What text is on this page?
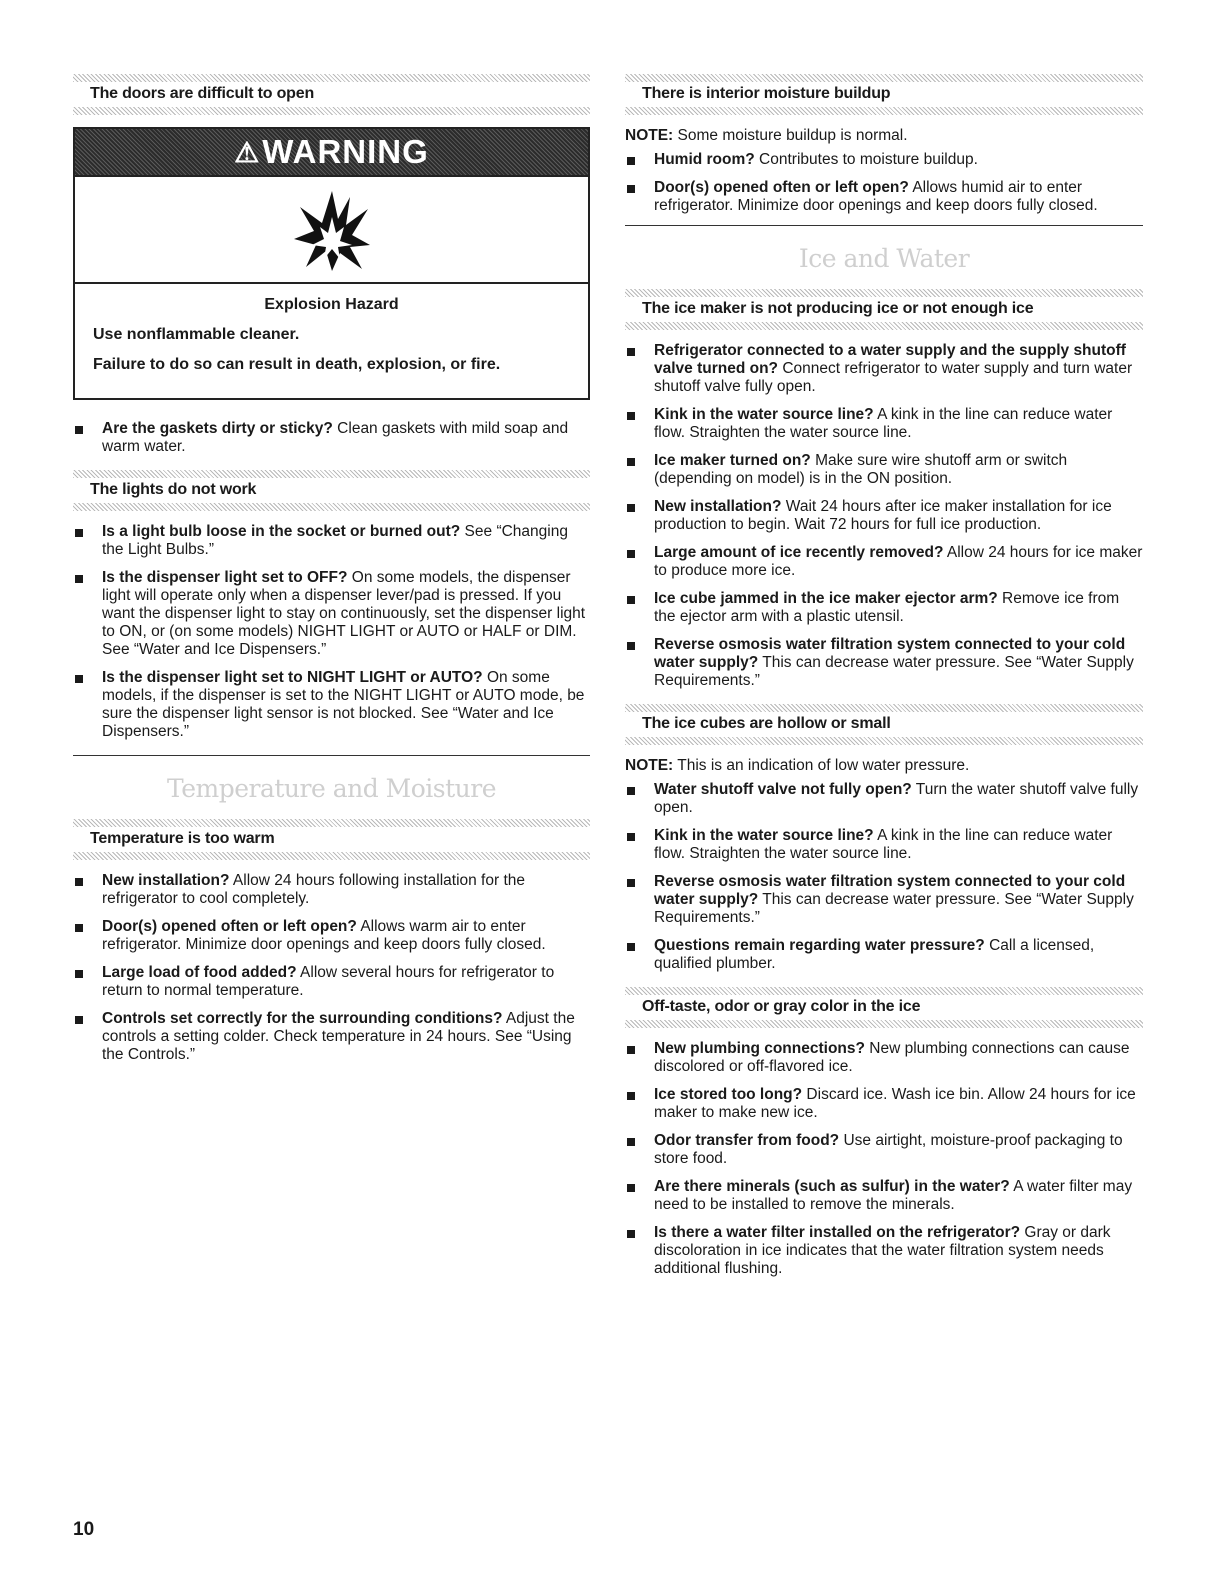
The doors are difficult to open
⚠ WARNING
Explosion Hazard

Use nonflammable cleaner.

Failure to do so can result in death, explosion, or fire.

Are the gaskets dirty or sticky? Clean gaskets with mild soap and warm water.
The lights do not work
Is a light bulb loose in the socket or burned out? See “Changing the Light Bulbs.”
Is the dispenser light set to OFF? On some models, the dispenser light will operate only when a dispenser lever/pad is pressed. If you want the dispenser light to stay on continuously, set the dispenser light to ON, or (on some models) NIGHT LIGHT or AUTO or HALF or DIM. See “Water and Ice Dispensers.”
Is the dispenser light set to NIGHT LIGHT or AUTO? On some models, if the dispenser is set to the NIGHT LIGHT or AUTO mode, be sure the dispenser light sensor is not blocked. See “Water and Ice Dispensers.”
Temperature and Moisture
Temperature is too warm
New installation? Allow 24 hours following installation for the refrigerator to cool completely.
Door(s) opened often or left open? Allows warm air to enter refrigerator. Minimize door openings and keep doors fully closed.
Large load of food added? Allow several hours for refrigerator to return to normal temperature.
Controls set correctly for the surrounding conditions? Adjust the controls a setting colder. Check temperature in 24 hours. See “Using the Controls.”
There is interior moisture buildup

NOTE: Some moisture buildup is normal.

Humid room? Contributes to moisture buildup.
Door(s) opened often or left open? Allows humid air to enter refrigerator. Minimize door openings and keep doors fully closed.
Ice and Water
The ice maker is not producing ice or not enough ice
Refrigerator connected to a water supply and the supply shutoff valve turned on? Connect refrigerator to water supply and turn water shutoff valve fully open.
Kink in the water source line? A kink in the line can reduce water flow. Straighten the water source line.
Ice maker turned on? Make sure wire shutoff arm or switch (depending on model) is in the ON position.
New installation? Wait 24 hours after ice maker installation for ice production to begin. Wait 72 hours for full ice production.
Large amount of ice recently removed? Allow 24 hours for ice maker to produce more ice.
Ice cube jammed in the ice maker ejector arm? Remove ice from the ejector arm with a plastic utensil.
Reverse osmosis water filtration system connected to your cold water supply? This can decrease water pressure. See “Water Supply Requirements.”
The ice cubes are hollow or small

NOTE: This is an indication of low water pressure.

Water shutoff valve not fully open? Turn the water shutoff valve fully open.
Kink in the water source line? A kink in the line can reduce water flow. Straighten the water source line.
Reverse osmosis water filtration system connected to your cold water supply? This can decrease water pressure. See “Water Supply Requirements.”
Questions remain regarding water pressure? Call a licensed, qualified plumber.
Off-taste, odor or gray color in the ice
New plumbing connections? New plumbing connections can cause discolored or off-flavored ice.
Ice stored too long? Discard ice. Wash ice bin. Allow 24 hours for ice maker to make new ice.
Odor transfer from food? Use airtight, moisture-proof packaging to store food.
Are there minerals (such as sulfur) in the water? A water filter may need to be installed to remove the minerals.
Is there a water filter installed on the refrigerator? Gray or dark discoloration in ice indicates that the water filtration system needs additional flushing.
10
